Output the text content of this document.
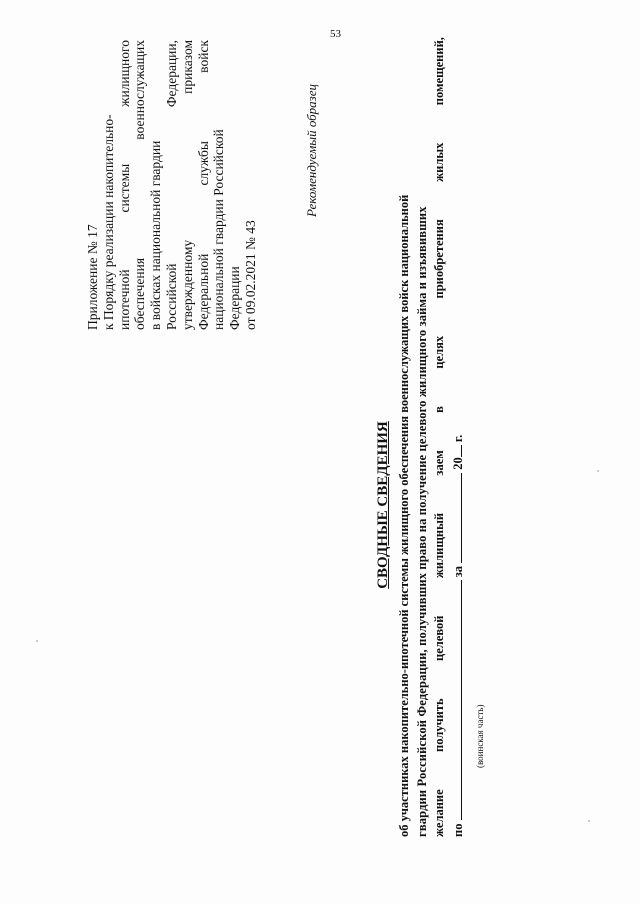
53
Приложение № 17 к Порядку реализации накопительно- ипотечной
системы
жилищного
обеспечения
военнослужащих
в войсках национальной гвардии Российской
Федерации,
утвержденному
приказом
Федеральной
службы
войск
национальной гвардии Российской Федерации от 09.02.2021 № 43
Рекомендуемый образец
СВОДНЫЕ СВЕДЕНИЯ об участниках накопительно-ипотечной системы жилищного обеспечения военнослужащих войск национальной гвардии Российской Федерации, получивших право на получение целевого жилищного займа и изъявивших желание
получить
целевой
жилищный
заем
в
целях
приобретения
жилых
помещений,
по  за  20 г.
(воинская часть)
